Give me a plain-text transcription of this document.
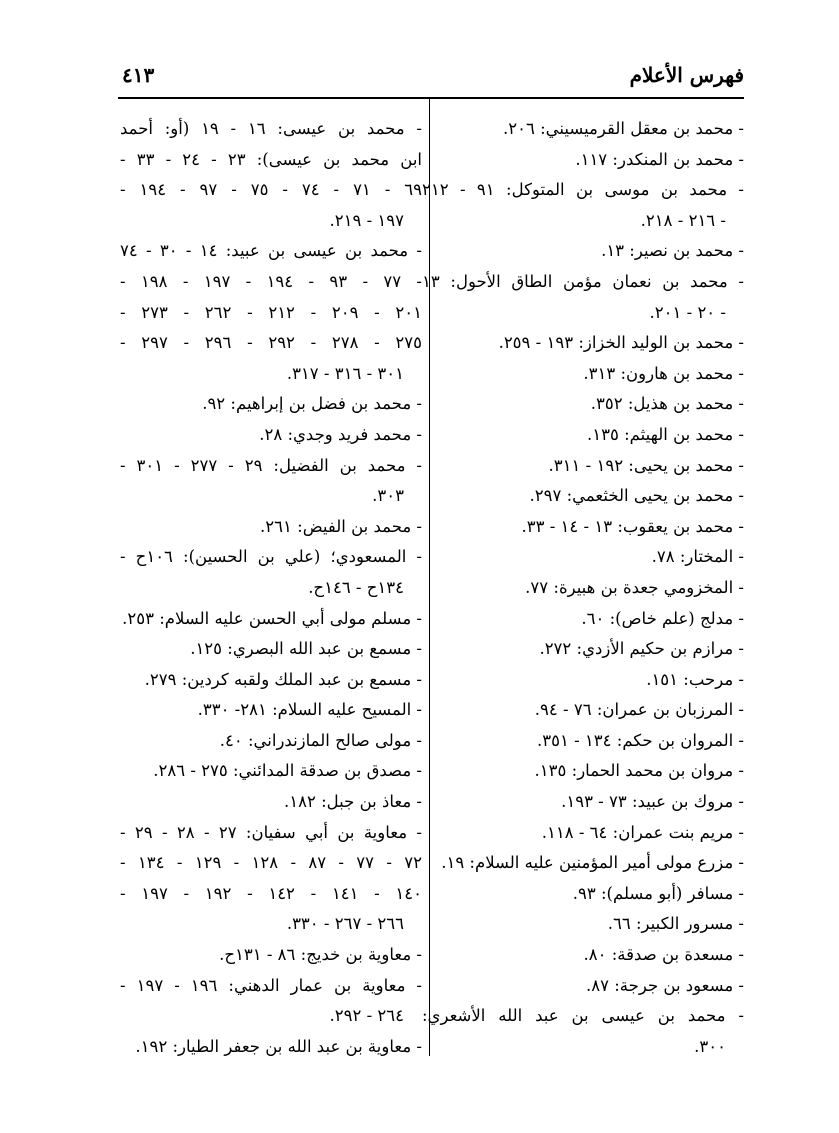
فهرس الأعلام
٤١٣
- محمد بن معقل القرميسيني: ٢٠٦.
- محمد بن المنكدر: ١١٧.
- محمد بن موسى بن المتوكل: ٩١ - ٢١٢
- ٢١٦ - ٢١٨.
- محمد بن نصير: ١٣.
- محمد بن نعمان مؤمن الطاق الأحول: ١٣
- ٢٠ - ٢٠١.
- محمد بن الوليد الخزاز: ١٩٣ - ٢٥٩.
- محمد بن هارون: ٣١٣.
- محمد بن هذيل: ٣٥٢.
- محمد بن الهيثم: ١٣٥.
- محمد بن يحيى: ١٩٢ - ٣١١.
- محمد بن يحيى الخثعمي: ٢٩٧.
- محمد بن يعقوب: ١٣ - ١٤ - ٣٣.
- المختار: ٧٨.
- المخزومي جعدة بن هبيرة: ٧٧.
- مدلج (علم خاص): ٦٠.
- مرازم بن حكيم الأزدي: ٢٧٢.
- مرحب: ١٥١.
- المرزبان بن عمران: ٧٦ - ٩٤.
- المروان بن حكم: ١٣٤ - ٣٥١.
- مروان بن محمد الحمار: ١٣٥.
- مروك بن عبيد: ٧٣ - ١٩٣.
- مريم بنت عمران: ٦٤ - ١١٨.
- مزرع مولى أمير المؤمنين عليه السلام: ١٩.
- مسافر (أبو مسلم): ٩٣.
- مسرور الكبير: ٦٦.
- مسعدة بن صدقة: ٨٠.
- مسعود بن جرجة: ٨٧.
- محمد بن عيسى بن عبد الله الأشعري:
٣٠٠.
- محمد بن عيسى: ١٦ - ١٩ (أو: أحمد
ابن محمد بن عيسى): ٢٣ - ٢٤ - ٣٣ -
٦٩ - ٧١ - ٧٤ - ٧٥ - ٩٧ - ١٩٤ -
١٩٧ - ٢١٩.
- محمد بن عيسى بن عبيد: ١٤ - ٣٠ - ٧٤
- ٧٧ - ٩٣ - ١٩٤ - ١٩٧ - ١٩٨ -
٢٠١ - ٢٠٩ - ٢١٢ - ٢٦٢ - ٢٧٣ -
٢٧٥ - ٢٧٨ - ٢٩٢ - ٢٩٦ - ٢٩٧ -
٣٠١ - ٣١٦ - ٣١٧.
- محمد بن فضل بن إبراهيم: ٩٢.
- محمد فريد وجدي: ٢٨.
- محمد بن الفضيل: ٢٩ - ٢٧٧ - ٣٠١ -
٣٠٣.
- محمد بن الفيض: ٢٦١.
- المسعودي؛ (علي بن الحسين): ١٠٦ح -
١٣٤ح - ١٤٦ح.
- مسلم مولى أبي الحسن عليه السلام: ٢٥٣.
- مسمع بن عبد الله البصري: ١٢٥.
- مسمع بن عبد الملك ولقبه كردين: ٢٧٩.
- المسيح عليه السلام: ٢٨١- ٣٣٠.
- مولى صالح المازندراني: ٤٠.
- مصدق بن صدقة المدائني: ٢٧٥ - ٢٨٦.
- معاذ بن جبل: ١٨٢.
- معاوية بن أبي سفيان: ٢٧ - ٢٨ - ٢٩ -
٧٢ - ٧٧ - ٨٧ - ١٢٨ - ١٢٩ - ١٣٤ -
١٤٠ - ١٤١ - ١٤٢ - ١٩٢ - ١٩٧ -
٢٦٦ - ٢٦٧ - ٣٣٠.
- معاوية بن خديج: ٨٦ - ١٣١ح.
- معاوية بن عمار الدهني: ١٩٦ - ١٩٧ -
٢٦٤ - ٢٩٢.
- معاوية بن عبد الله بن جعفر الطيار: ١٩٢.
